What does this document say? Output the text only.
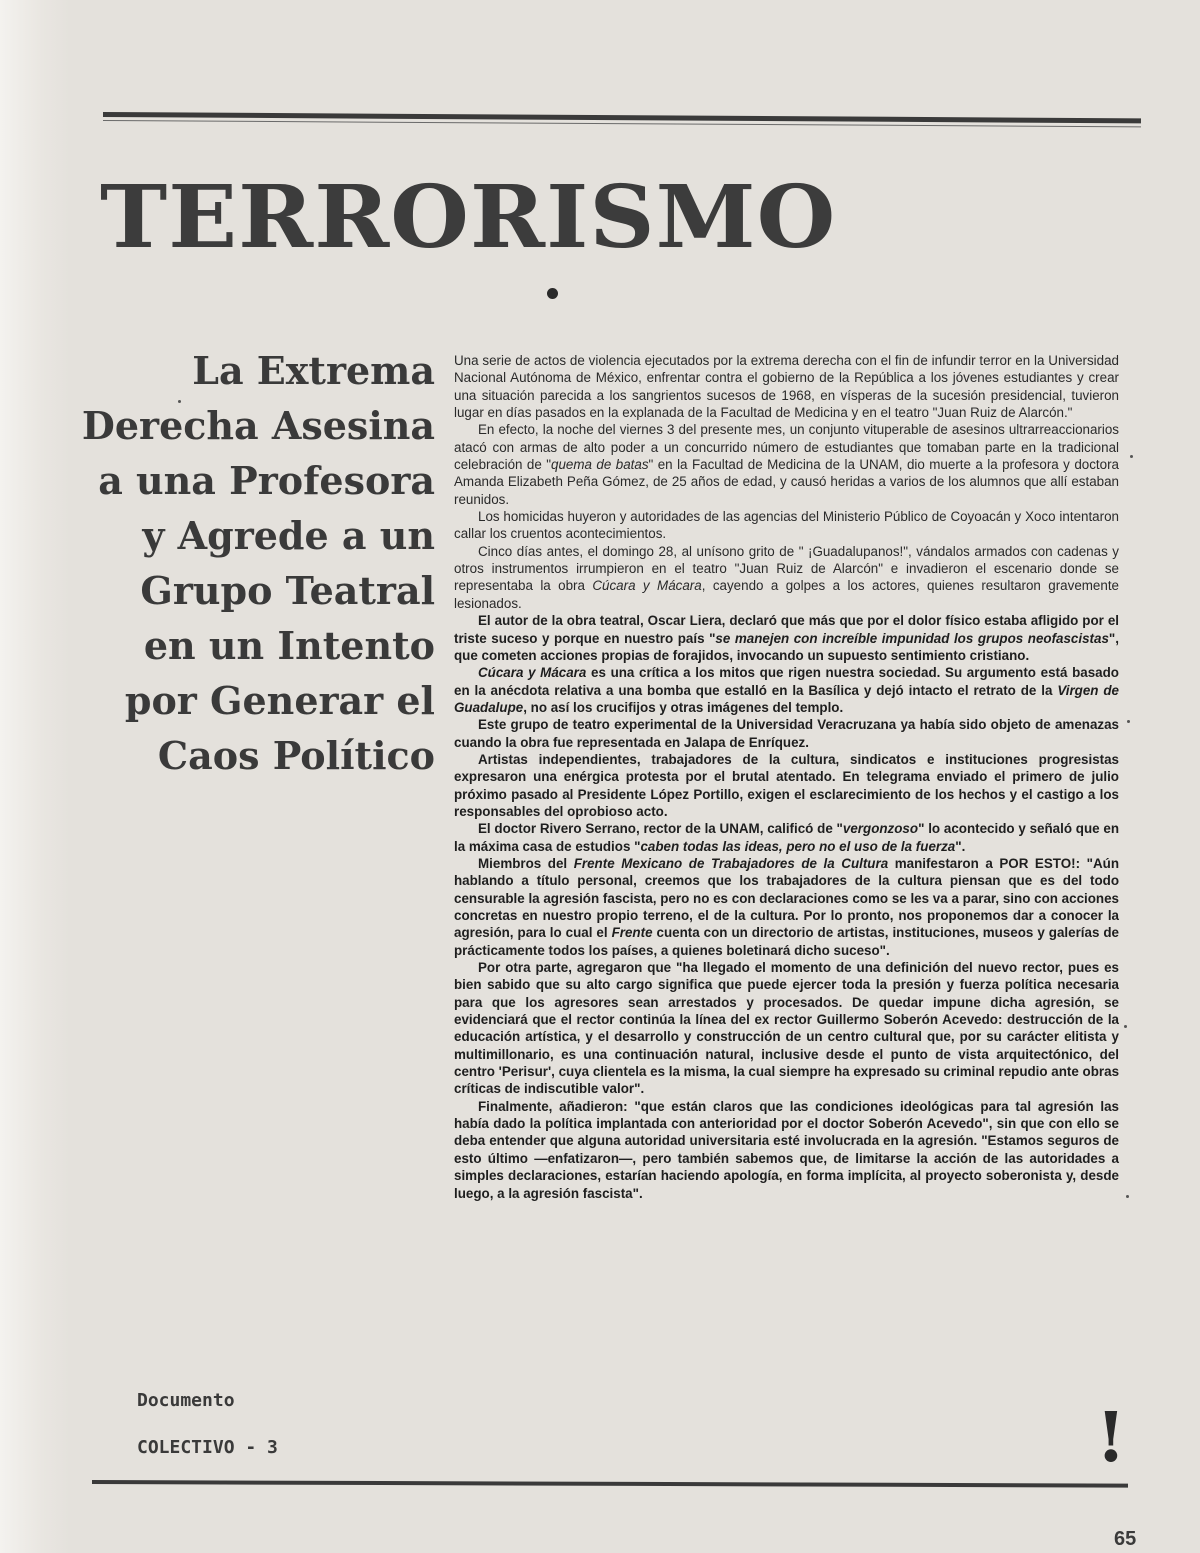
TERRORISMO
La Extrema
Derecha Asesina
a una Profesora
y Agrede a un
Grupo Teatral
en un Intento
por Generar el
Caos Político

Una serie de actos de violencia ejecutados por la extrema derecha con el fin de infundir terror en la Universidad Nacional Autónoma de México, enfrentar contra el gobierno de la República a los jóvenes estudiantes y crear una situación parecida a los sangrientos sucesos de 1968, en vísperas de la sucesión presidencial, tuvieron lugar en días pasados en la explanada de la Facultad de Medicina y en el teatro "Juan Ruiz de Alarcón."

En efecto, la noche del viernes 3 del presente mes, un conjunto vituperable de asesinos ultrarreaccionarios atacó con armas de alto poder a un concurrido número de estudiantes que tomaban parte en la tradicional celebración de "quema de batas" en la Facultad de Medicina de la UNAM, dio muerte a la profesora y doctora Amanda Elizabeth Peña Gómez, de 25 años de edad, y causó heridas a varios de los alumnos que allí estaban reunidos.

Los homicidas huyeron y autoridades de las agencias del Ministerio Público de Coyoacán y Xoco intentaron callar los cruentos acontecimientos.

Cinco días antes, el domingo 28, al unísono grito de " ¡Guadalupanos!", vándalos armados con cadenas y otros instrumentos irrumpieron en el teatro "Juan Ruiz de Alarcón" e invadieron el escenario donde se representaba la obra Cúcara y Mácara, cayendo a golpes a los actores, quienes resultaron gravemente lesionados.

El autor de la obra teatral, Oscar Liera, declaró que más que por el dolor físico estaba afligido por el triste suceso y porque en nuestro país "se manejen con increíble impunidad los grupos neofascistas", que cometen acciones propias de forajidos, invocando un supuesto sentimiento cristiano.

Cúcara y Mácara es una crítica a los mitos que rigen nuestra sociedad. Su argumento está basado en la anécdota relativa a una bomba que estalló en la Basílica y dejó intacto el retrato de la Virgen de Guadalupe, no así los crucifijos y otras imágenes del templo.

Este grupo de teatro experimental de la Universidad Veracruzana ya había sido objeto de amenazas cuando la obra fue representada en Jalapa de Enríquez.

Artistas independientes, trabajadores de la cultura, sindicatos e instituciones progresistas expresaron una enérgica protesta por el brutal atentado. En telegrama enviado el primero de julio próximo pasado al Presidente López Portillo, exigen el esclarecimiento de los hechos y el castigo a los responsables del oprobioso acto.

El doctor Rivero Serrano, rector de la UNAM, calificó de "vergonzoso" lo acontecido y señaló que en la máxima casa de estudios "caben todas las ideas, pero no el uso de la fuerza".

Miembros del Frente Mexicano de Trabajadores de la Cultura manifestaron a POR ESTO!: "Aún hablando a título personal, creemos que los trabajadores de la cultura piensan que es del todo censurable la agresión fascista, pero no es con declaraciones como se les va a parar, sino con acciones concretas en nuestro propio terreno, el de la cultura. Por lo pronto, nos proponemos dar a conocer la agresión, para lo cual el Frente cuenta con un directorio de artistas, instituciones, museos y galerías de prácticamente todos los países, a quienes boletinará dicho suceso".

Por otra parte, agregaron que "ha llegado el momento de una definición del nuevo rector, pues es bien sabido que su alto cargo significa que puede ejercer toda la presión y fuerza política necesaria para que los agresores sean arrestados y procesados. De quedar impune dicha agresión, se evidenciará que el rector continúa la línea del ex rector Guillermo Soberón Acevedo: destrucción de la educación artística, y el desarrollo y construcción de un centro cultural que, por su carácter elitista y multimillonario, es una continuación natural, inclusive desde el punto de vista arquitectónico, del centro 'Perisur', cuya clientela es la misma, la cual siempre ha expresado su criminal repudio ante obras críticas de indiscutible valor".

Finalmente, añadieron: "que están claros que las condiciones ideológicas para tal agresión las había dado la política implantada con anterioridad por el doctor Soberón Acevedo", sin que con ello se deba entender que alguna autoridad universitaria esté involucrada en la agresión. "Estamos seguros de esto último —enfatizaron—, pero también sabemos que, de limitarse la acción de las autoridades a simples declaraciones, estarían haciendo apología, en forma implícita, al proyecto soberonista y, desde luego, a la agresión fascista".

Documento
COLECTIVO - 3	!
65
